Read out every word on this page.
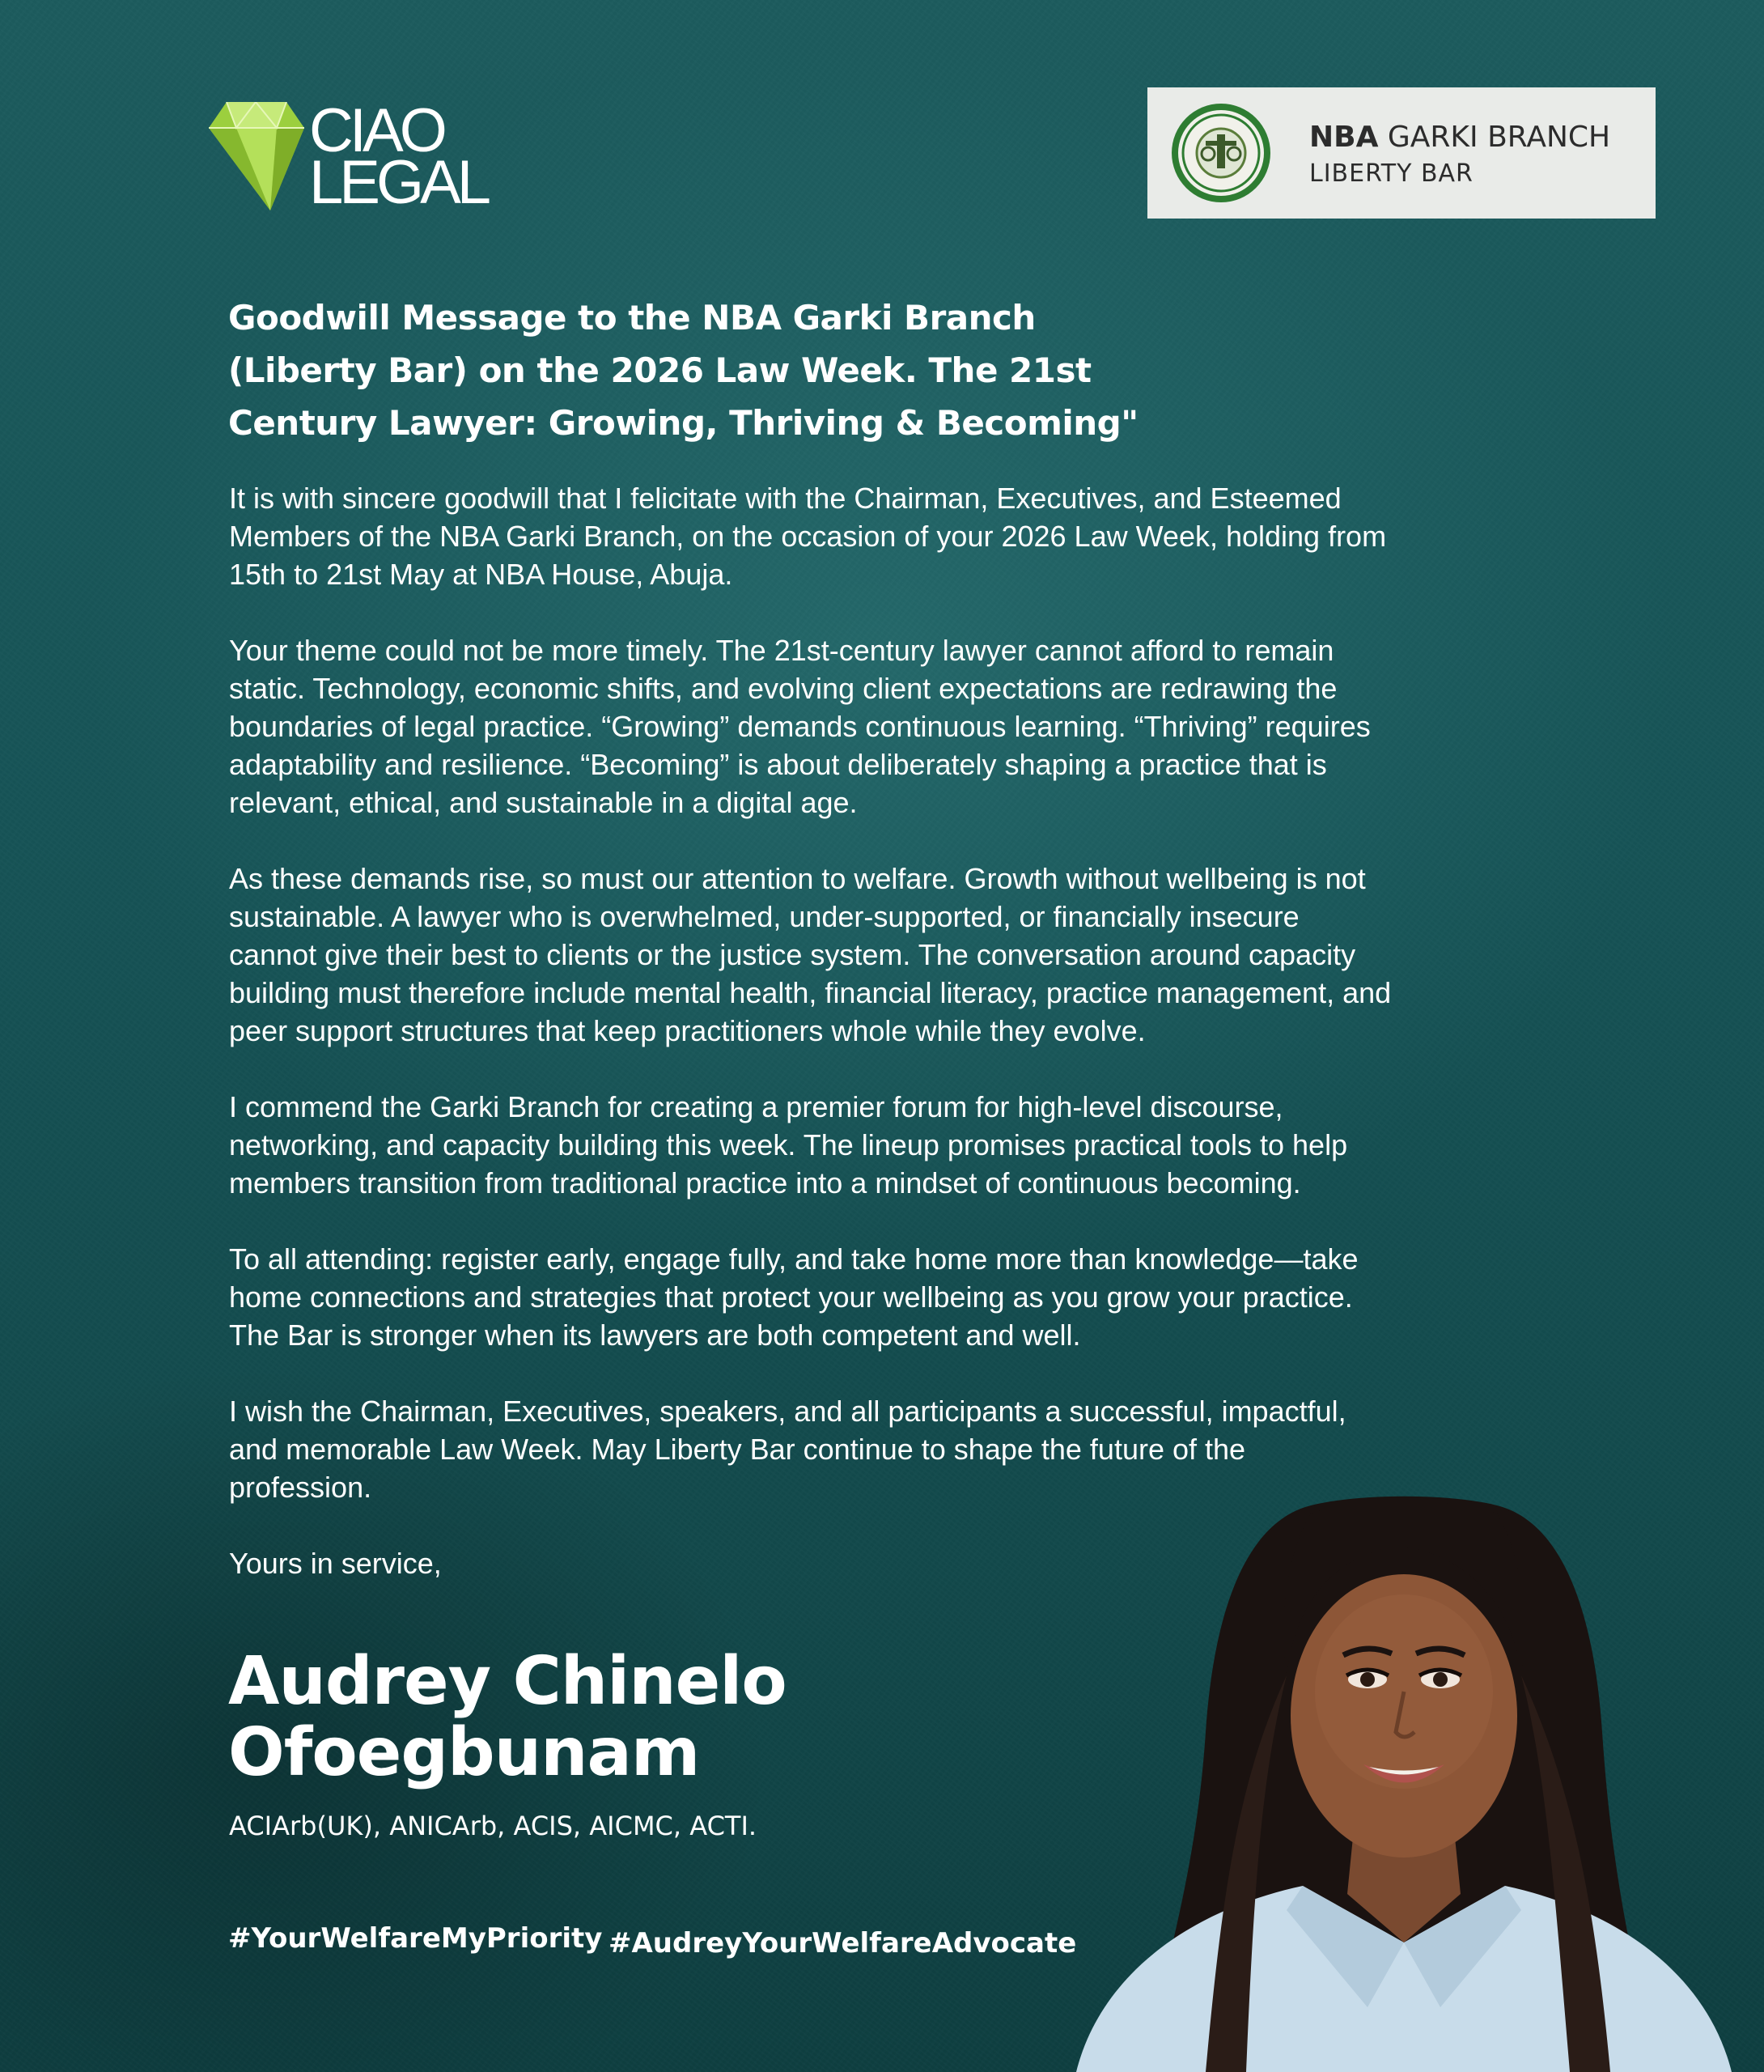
CIAO
LEGAL
NBA GARKI BRANCH
LIBERTY BAR
Goodwill Message to the NBA Garki Branch
(Liberty Bar) on the 2026 Law Week. The 21st
Century Lawyer: Growing, Thriving & Becoming"

It is with sincere goodwill that I felicitate with the Chairman, Executives, and Esteemed
Members of the NBA Garki Branch, on the occasion of your 2026 Law Week, holding from
15th to 21st May at NBA House, Abuja.

Your theme could not be more timely. The 21st-century lawyer cannot afford to remain
static. Technology, economic shifts, and evolving client expectations are redrawing the
boundaries of legal practice. “Growing” demands continuous learning. “Thriving” requires
adaptability and resilience. “Becoming” is about deliberately shaping a practice that is
relevant, ethical, and sustainable in a digital age.

As these demands rise, so must our attention to welfare. Growth without wellbeing is not
sustainable. A lawyer who is overwhelmed, under-supported, or financially insecure
cannot give their best to clients or the justice system. The conversation around capacity
building must therefore include mental health, financial literacy, practice management, and
peer support structures that keep practitioners whole while they evolve.

I commend the Garki Branch for creating a premier forum for high-level discourse,
networking, and capacity building this week. The lineup promises practical tools to help
members transition from traditional practice into a mindset of continuous becoming.

To all attending: register early, engage fully, and take home more than knowledge—take
home connections and strategies that protect your wellbeing as you grow your practice.
The Bar is stronger when its lawyers are both competent and well.

I wish the Chairman, Executives, speakers, and all participants a successful, impactful,
and memorable Law Week. May Liberty Bar continue to shape the future of the
profession.

Yours in service,

Audrey Chinelo
Ofoegbunam
ACIArb(UK), ANICArb, ACIS, AICMC, ACTI.
#YourWelfareMyPriority #AudreyYourWelfareAdvocate
